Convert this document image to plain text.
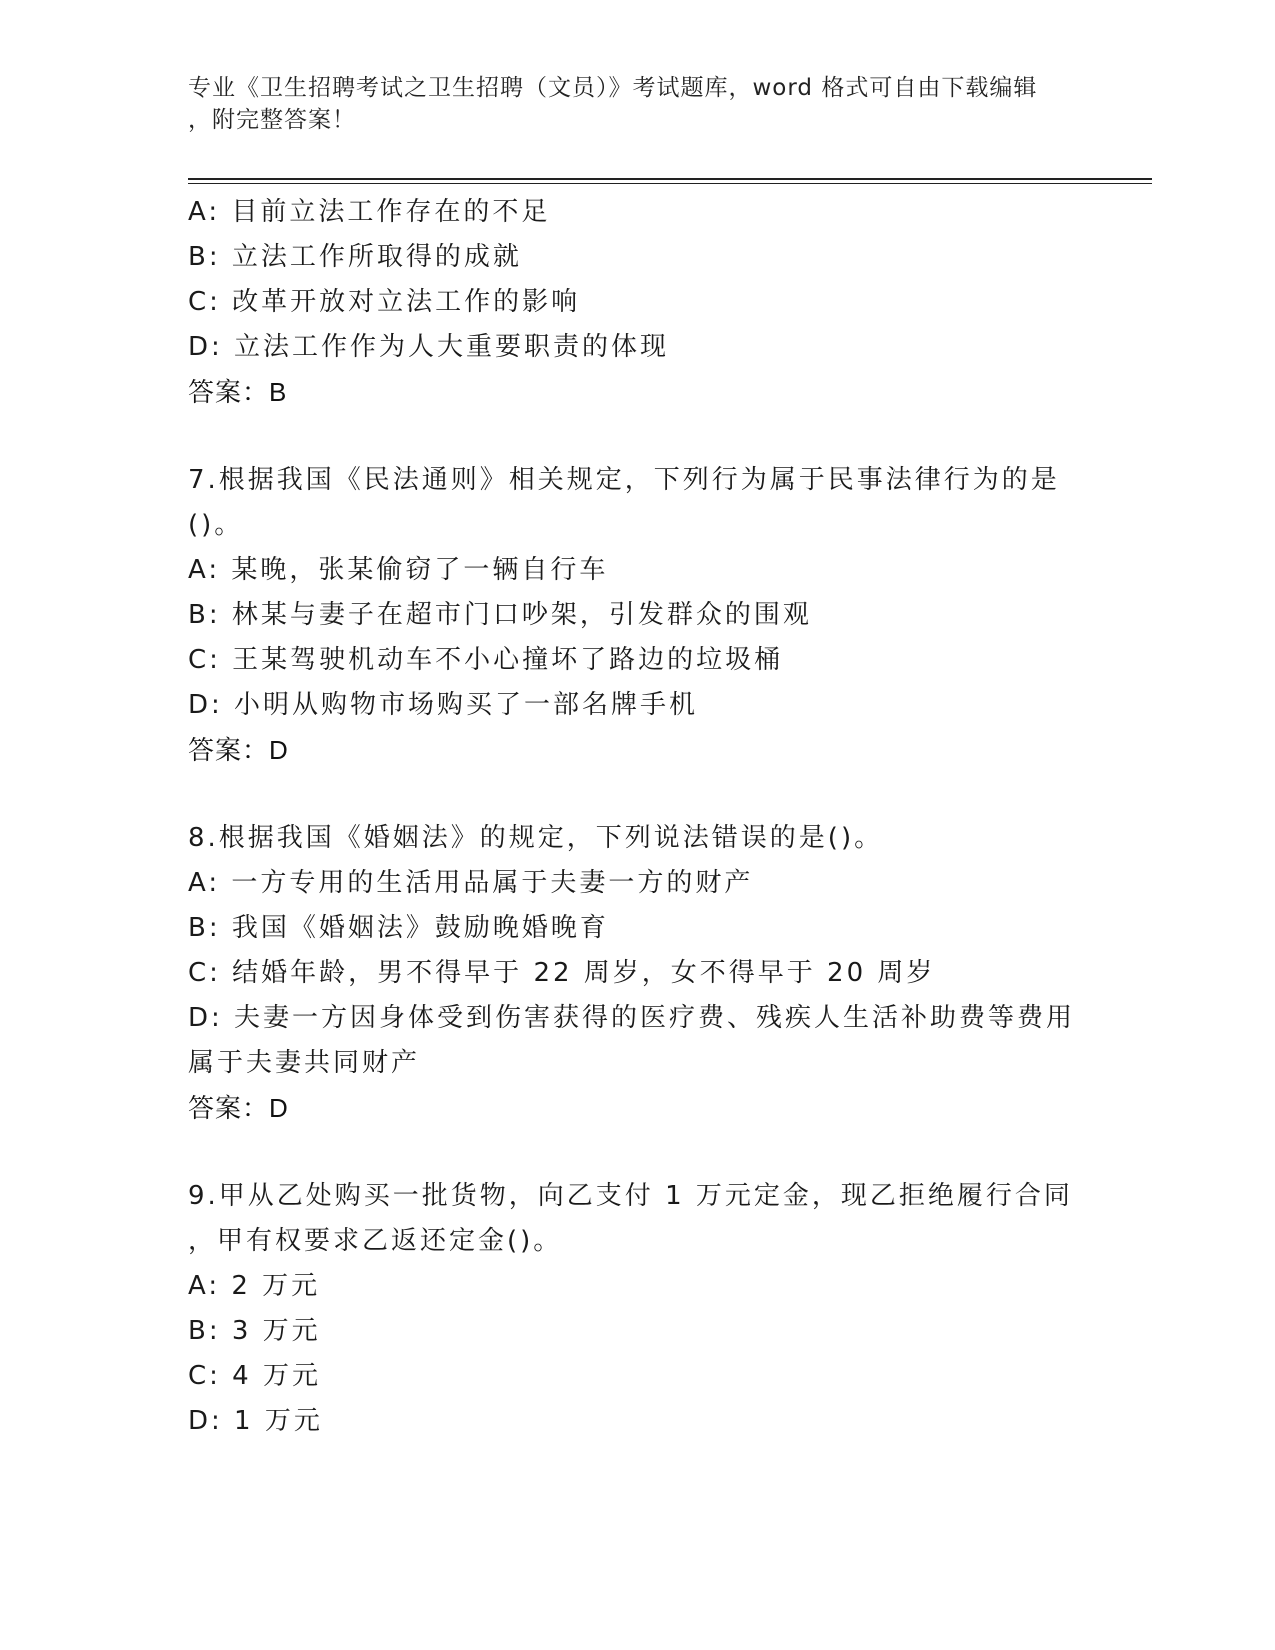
专业《卫生招聘考试之卫生招聘（文员）》考试题库，word 格式可自由下载编辑
，附完整答案！
A: 目前立法工作存在的不足
B: 立法工作所取得的成就
C: 改革开放对立法工作的影响
D: 立法工作作为人大重要职责的体现
答案：B
7.根据我国《民法通则》相关规定，下列行为属于民事法律行为的是
()。
A: 某晚，张某偷窃了一辆自行车
B: 林某与妻子在超市门口吵架，引发群众的围观
C: 王某驾驶机动车不小心撞坏了路边的垃圾桶
D: 小明从购物市场购买了一部名牌手机
答案：D
8.根据我国《婚姻法》的规定，下列说法错误的是()。
A: 一方专用的生活用品属于夫妻一方的财产
B: 我国《婚姻法》鼓励晚婚晚育
C: 结婚年龄，男不得早于 22 周岁，女不得早于 20 周岁
D: 夫妻一方因身体受到伤害获得的医疗费、残疾人生活补助费等费用
属于夫妻共同财产
答案：D
9.甲从乙处购买一批货物，向乙支付 1 万元定金，现乙拒绝履行合同
，甲有权要求乙返还定金()。
A: 2 万元
B: 3 万元
C: 4 万元
D: 1 万元
